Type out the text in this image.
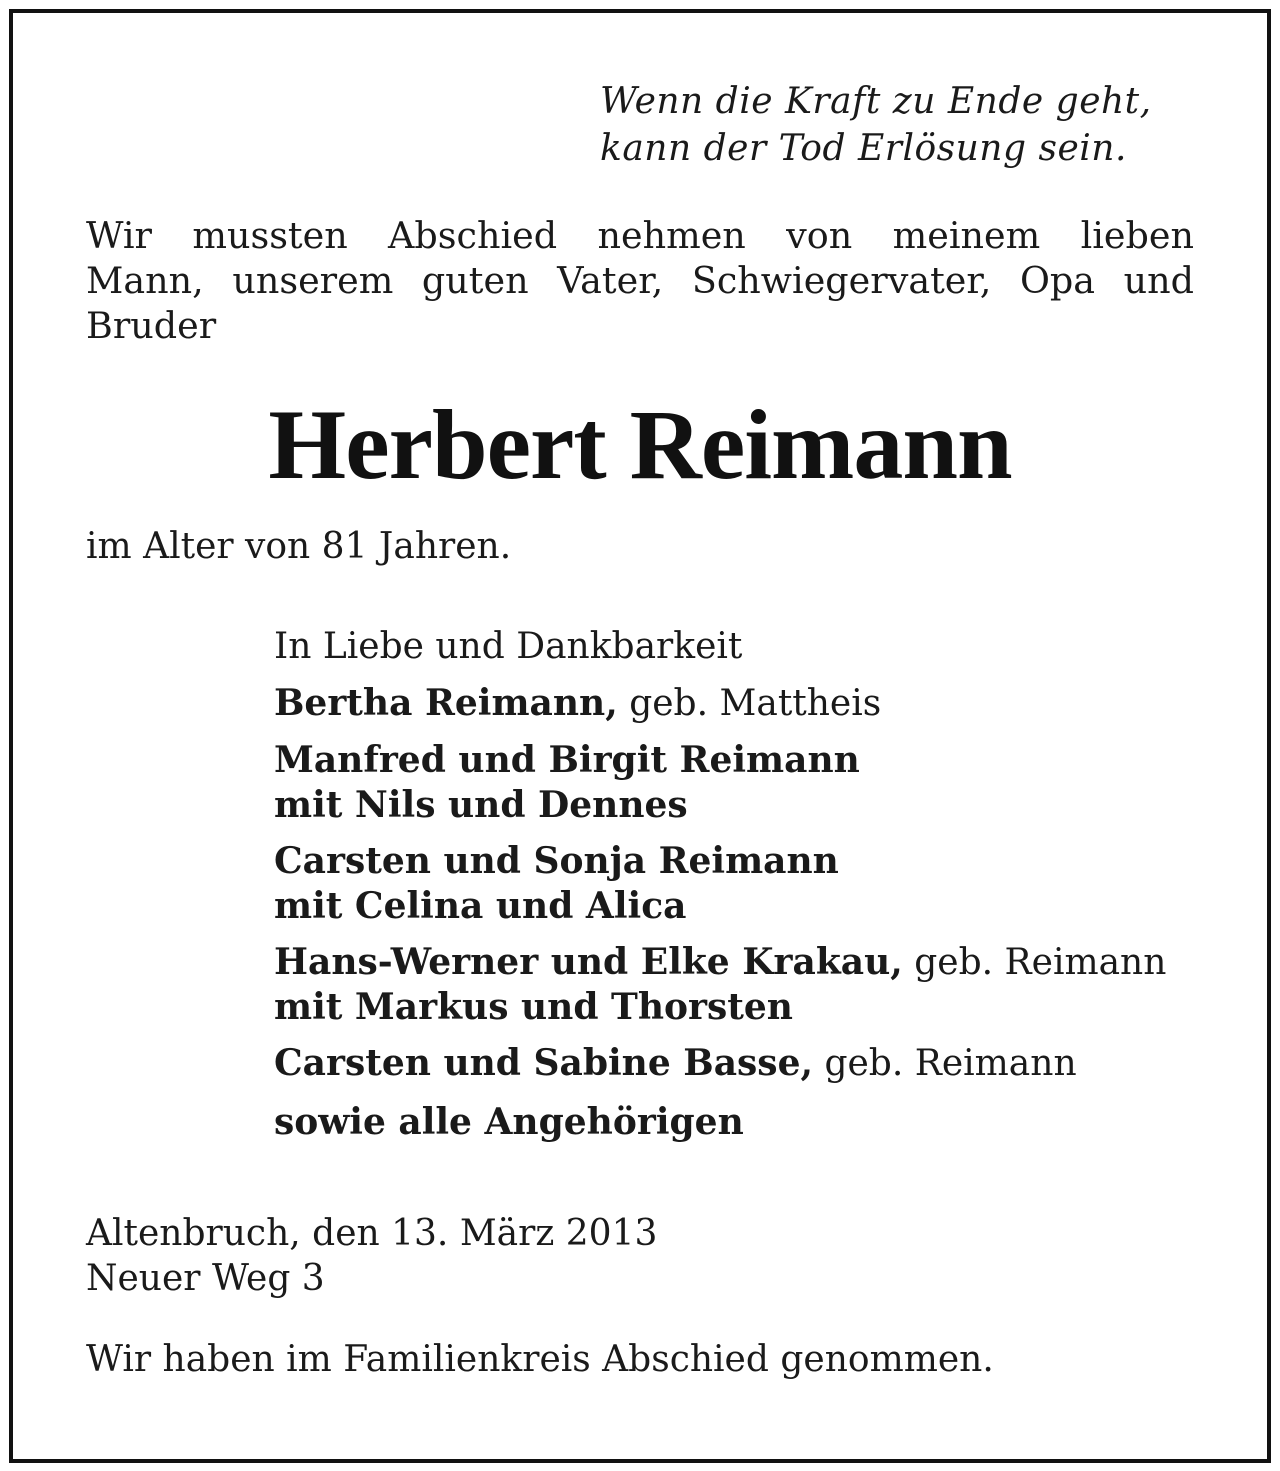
Wenn die Kraft zu Ende geht,
kann der Tod Erlösung sein.
Wir mussten Abschied nehmen von meinem lieben
Mann, unserem guten Vater, Schwiegervater, Opa und
Bruder
Herbert Reimann
im Alter von 81 Jahren.
In Liebe und Dankbarkeit
Bertha Reimann, geb. Mattheis
Manfred und Birgit Reimann
mit Nils und Dennes
Carsten und Sonja Reimann
mit Celina und Alica
Hans-Werner und Elke Krakau, geb. Reimann
mit Markus und Thorsten
Carsten und Sabine Basse, geb. Reimann
sowie alle Angehörigen
Altenbruch, den 13. März 2013
Neuer Weg 3
Wir haben im Familienkreis Abschied genommen.
